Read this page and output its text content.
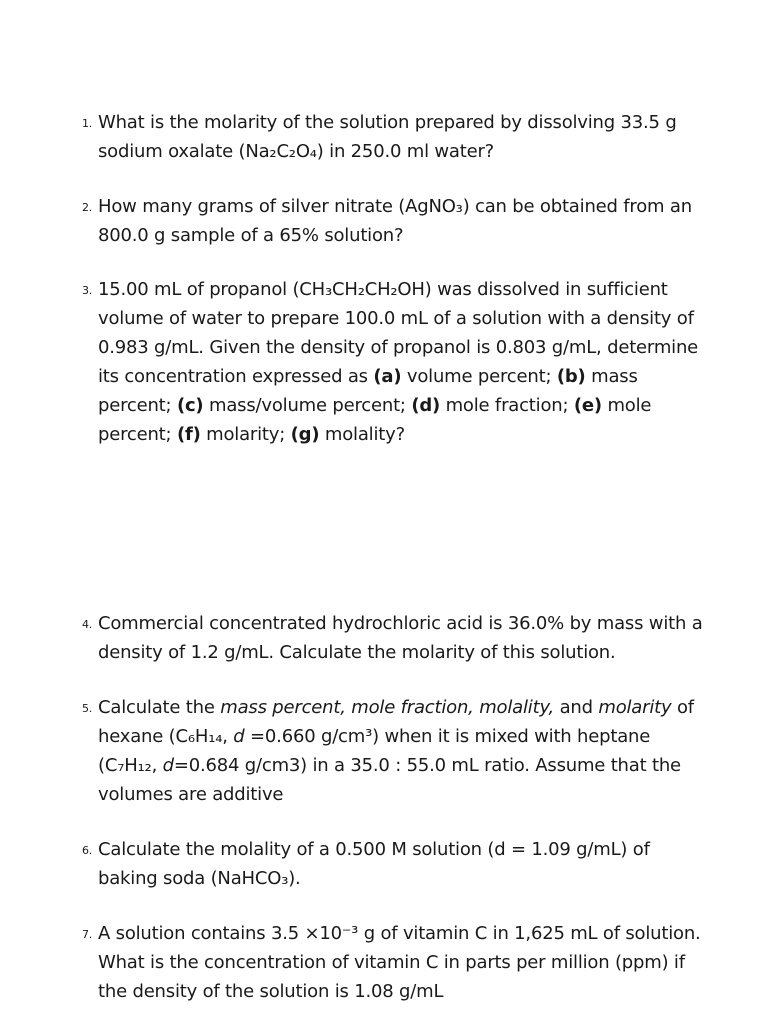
1. What is the molarity of the solution prepared by dissolving 33.5 g
sodium oxalate (Na₂C₂O₄) in 250.0 ml water?
2. How many grams of silver nitrate (AgNO₃) can be obtained from an
800.0 g sample of a 65% solution?
3. 15.00 mL of propanol (CH₃CH₂CH₂OH) was dissolved in sufficient
volume of water to prepare 100.0 mL of a solution with a density of
0.983 g/mL. Given the density of propanol is 0.803 g/mL, determine
its concentration expressed as (a) volume percent; (b) mass
percent; (c) mass/volume percent; (d) mole fraction; (e) mole
percent; (f) molarity; (g) molality?
4. Commercial concentrated hydrochloric acid is 36.0% by mass with a
density of 1.2 g/mL. Calculate the molarity of this solution.
5. Calculate the mass percent, mole fraction, molality, and molarity of
hexane (C₆H₁₄, d =0.660 g/cm³) when it is mixed with heptane
(C₇H₁₂, d=0.684 g/cm3) in a 35.0 : 55.0 mL ratio. Assume that the
volumes are additive
6. Calculate the molality of a 0.500 M solution (d = 1.09 g/mL) of
baking soda (NaHCO₃).
7. A solution contains 3.5 ×10⁻³ g of vitamin C in 1,625 mL of solution.
What is the concentration of vitamin C in parts per million (ppm) if
the density of the solution is 1.08 g/mL
